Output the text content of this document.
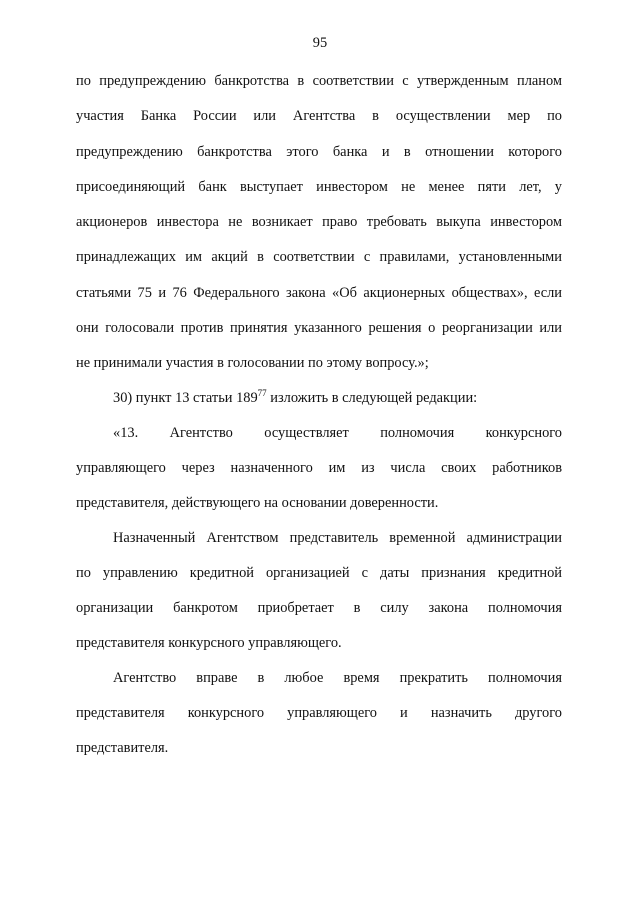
95
по предупреждению банкротства в соответствии с утвержденным планом
участия Банка России или Агентства в осуществлении мер по
предупреждению банкротства этого банка и в отношении которого
присоединяющий банк выступает инвестором не менее пяти лет, у
акционеров инвестора не возникает право требовать выкупа инвестором
принадлежащих им акций в соответствии с правилами, установленными
статьями 75 и 76 Федерального закона «Об акционерных обществах», если
они голосовали против принятия указанного решения о реорганизации или
не принимали участия в голосовании по этому вопросу.»;
30) пункт 13 статьи $189^{77}$ изложить в следующей редакции:
«13. Агентство осуществляет полномочия конкурсного
управляющего через назначенного им из числа своих работников
представителя, действующего на основании доверенности.
Назначенный Агентством представитель временной администрации
по управлению кредитной организацией с даты признания кредитной
организации банкротом приобретает в силу закона полномочия
представителя конкурсного управляющего.
Агентство вправе в любое время прекратить полномочия
представителя конкурсного управляющего и назначить другого
представителя.
